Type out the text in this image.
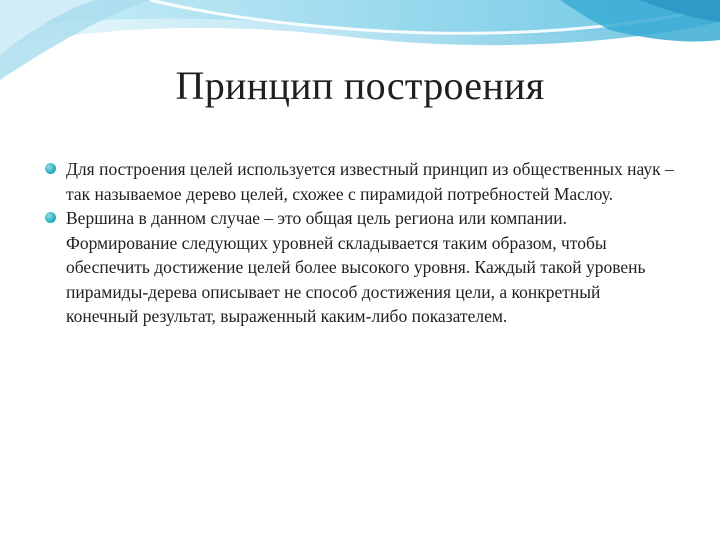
Принцип построения
Для построения целей используется известный принцип из общественных наук – так называемое дерево целей, схожее с пирамидой потребностей Маслоу.
Вершина в данном случае – это общая цель региона или компании. Формирование следующих уровней складывается таким образом, чтобы обеспечить достижение целей более высокого уровня. Каждый такой уровень пирамиды-дерева описывает не способ достижения цели, а конкретный конечный результат, выраженный каким-либо показателем.
